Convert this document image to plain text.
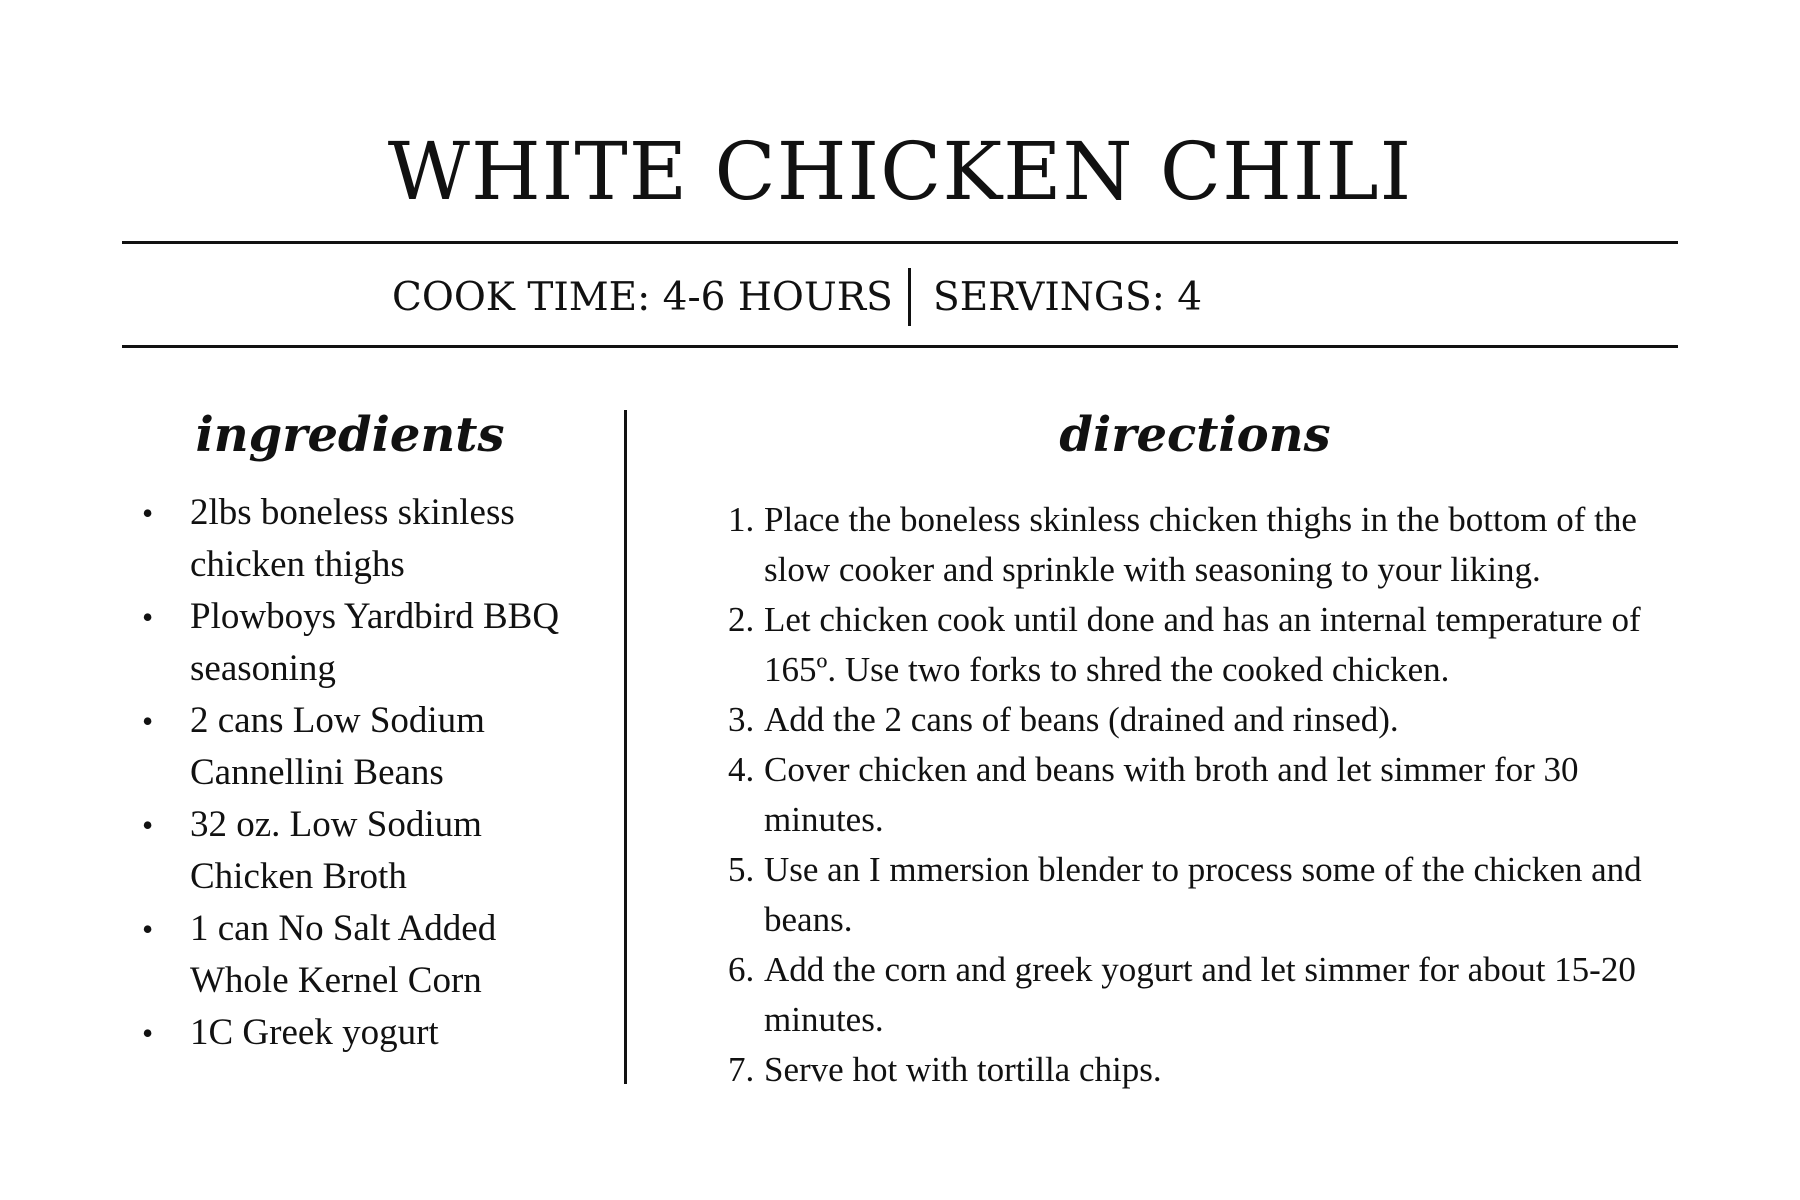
WHITE CHICKEN CHILI
COOK TIME: 4-6 HOURS SERVINGS: 4
ingredients	directions
• 2lbs boneless skinless chicken thighs
• Plowboys Yardbird BBQ seasoning
• 2 cans Low Sodium Cannellini Beans
• 32 oz. Low Sodium Chicken Broth
• 1 can No Salt Added Whole Kernel Corn
• 1C Greek yogurt
1. Place the boneless skinless chicken thighs in the bottom of the slow cooker and sprinkle with seasoning to your liking.
2. Let chicken cook until done and has an internal temperature of 165º. Use two forks to shred the cooked chicken.
3. Add the 2 cans of beans (drained and rinsed).
4. Cover chicken and beans with broth and let simmer for 30 minutes.
5. Use an I mmersion blender to process some of the chicken and beans.
6. Add the corn and greek yogurt and let simmer for about 15-20 minutes.
7. Serve hot with tortilla chips.
